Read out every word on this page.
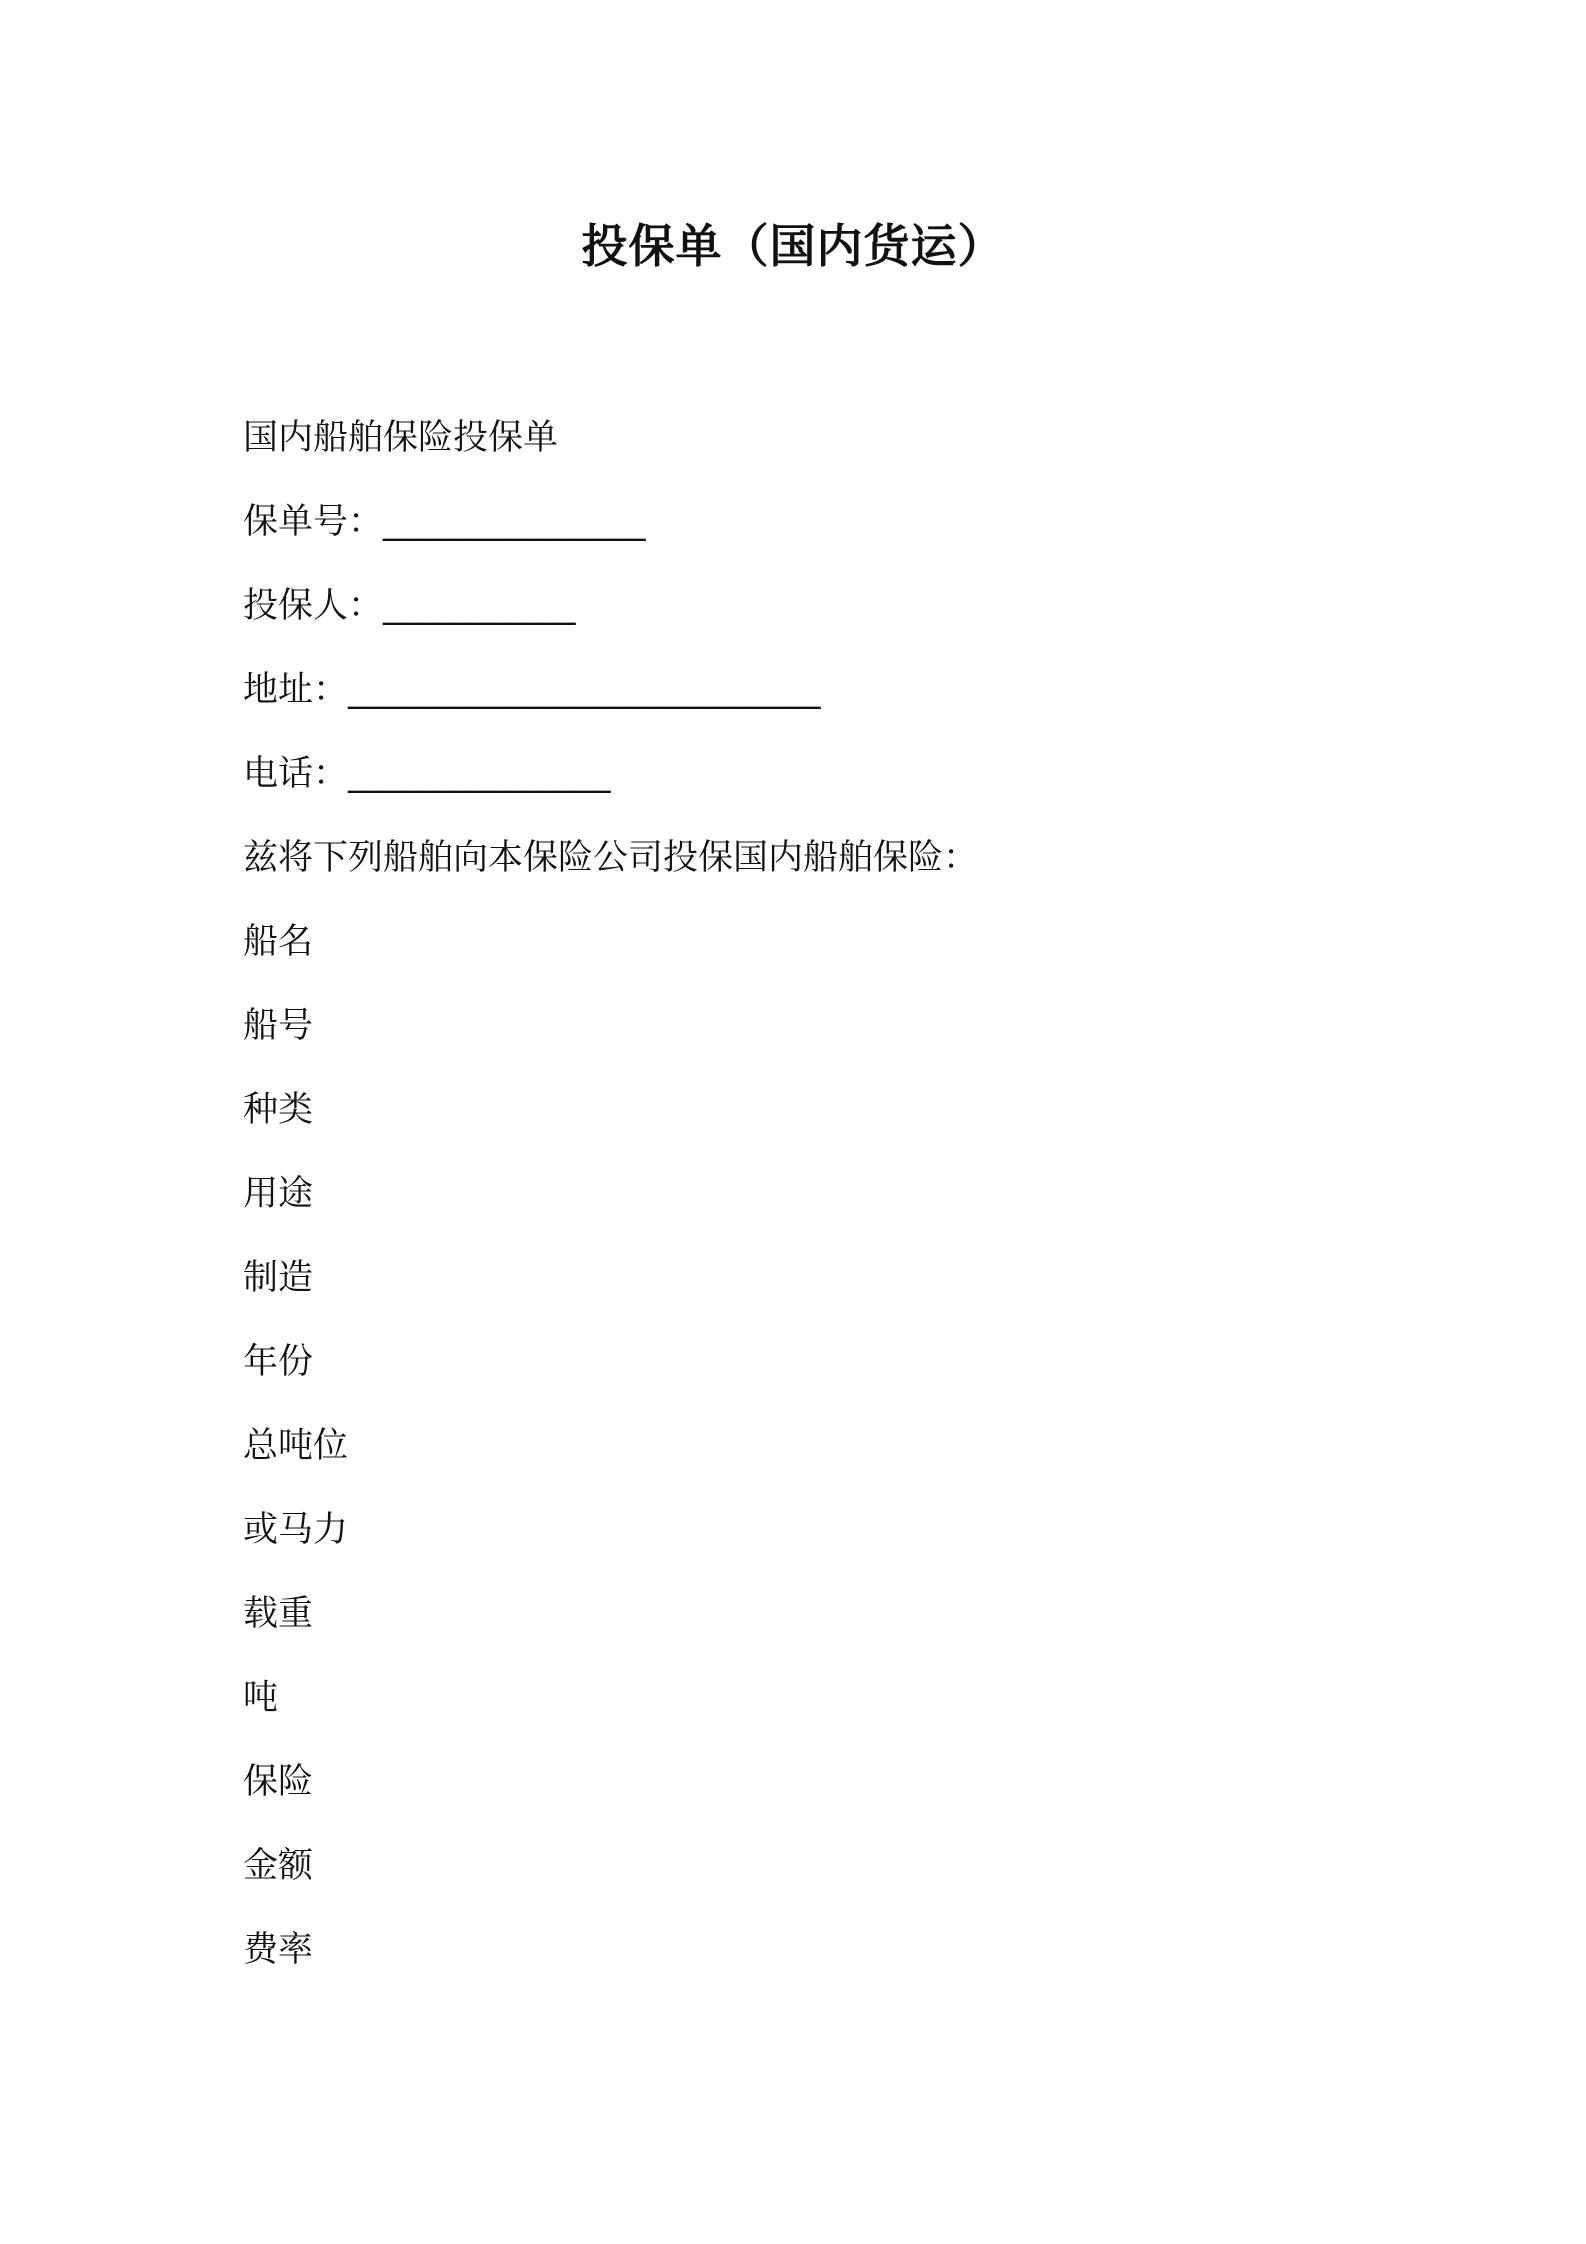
投保单（国内货运）
国内船舶保险投保单
保单号：_______________
投保人：___________
地址：___________________________
电话：_______________
兹将下列船舶向本保险公司投保国内船舶保险：
船名
船号
种类
用途
制造
年份
总吨位
或马力
载重
吨
保险
金额
费率
